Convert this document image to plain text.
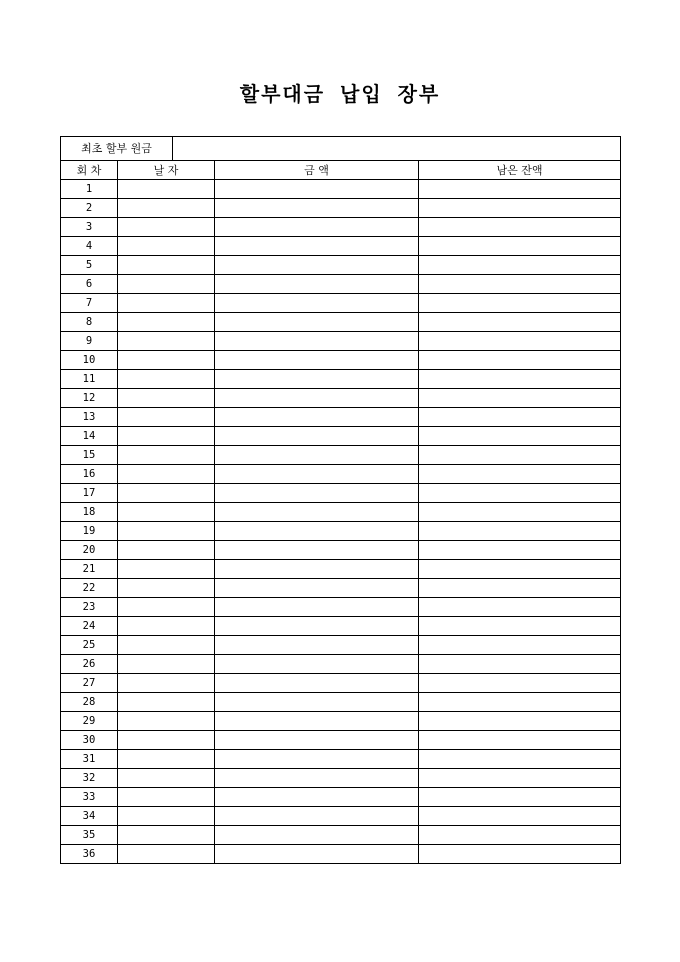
할부대금 납입 장부
최초 할부 원금				
회 차	날 자		금 액	남은 잔액
1				
2				
3				
4				
5				
6				
7				
8				
9				
10				
11				
12				
13				
14				
15				
16				
17				
18				
19				
20				
21				
22				
23				
24				
25				
26				
27				
28				
29				
30				
31				
32				
33				
34				
35				
36				
